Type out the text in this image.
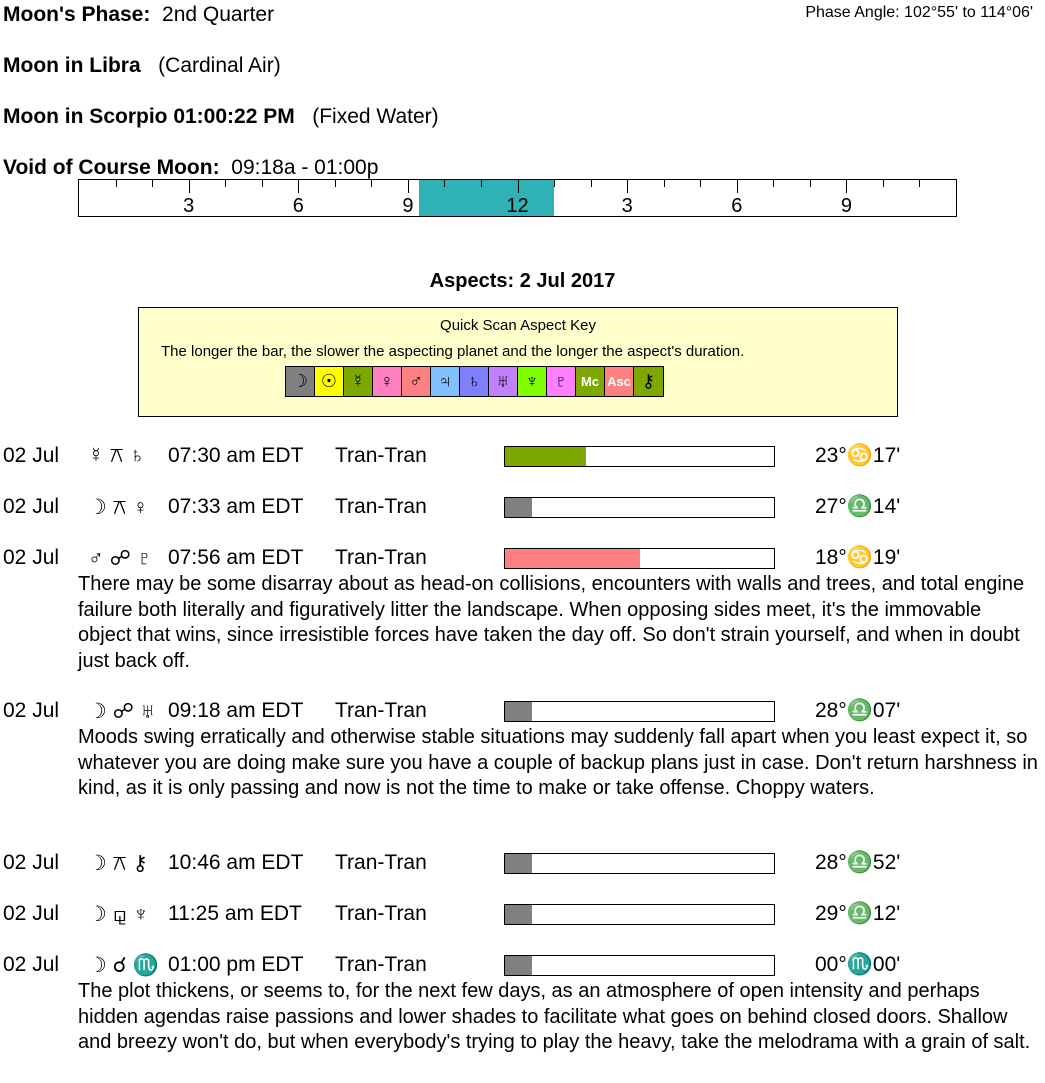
Moon's Phase: 2nd Quarter	Phase Angle: 102°55' to 114°06'
Moon in Libra (Cardinal Air)
Moon in Scorpio 01:00:22 PM (Fixed Water)
Void of Course Moon: 09:18a - 01:00p
3	6	9	12	3	6	9
Aspects: 2 Jul 2017
Quick Scan Aspect Key
The longer the bar, the slower the aspecting planet and the longer the aspect's duration.
☽ ☉ ☿ ♀ ♂ ♃ ♄ ♅ ♆ ♇	Mc Asc ⚷
02 Jul ☿ ⚻ ♄ 07:30 am EDT Tran-Tran	23°♋17'
02 Jul ☽ ⚻ ♀ 07:33 am EDT Tran-Tran	27°♎14'
02 Jul ♂ ☍ ♇ 07:56 am EDT Tran-Tran	18°♋19'
There may be some disarray about as head-on collisions, encounters with walls and trees, and total engine failure both literally and figuratively litter the landscape. When opposing sides meet, it's the immovable object that wins, since irresistible forces have taken the day off. So don't strain yourself, and when in doubt just back off.
02 Jul ☽ ☍ ♅ 09:18 am EDT Tran-Tran	28°♎07'
Moods swing erratically and otherwise stable situations may suddenly fall apart when you least expect it, so whatever you are doing make sure you have a couple of backup plans just in case. Don't return harshness in kind, as it is only passing and now is not the time to make or take offense. Choppy waters.
02 Jul ☽ ⚻ ⚷ 10:46 am EDT Tran-Tran	28°♎52'
02 Jul ☽ ⚼ ♆ 11:25 am EDT Tran-Tran	29°♎12'
02 Jul ☽ ☌ ♏ 01:00 pm EDT Tran-Tran	00°♏00'
The plot thickens, or seems to, for the next few days, as an atmosphere of open intensity and perhaps hidden agendas raise passions and lower shades to facilitate what goes on behind closed doors. Shallow and breezy won't do, but when everybody's trying to play the heavy, take the melodrama with a grain of salt.
